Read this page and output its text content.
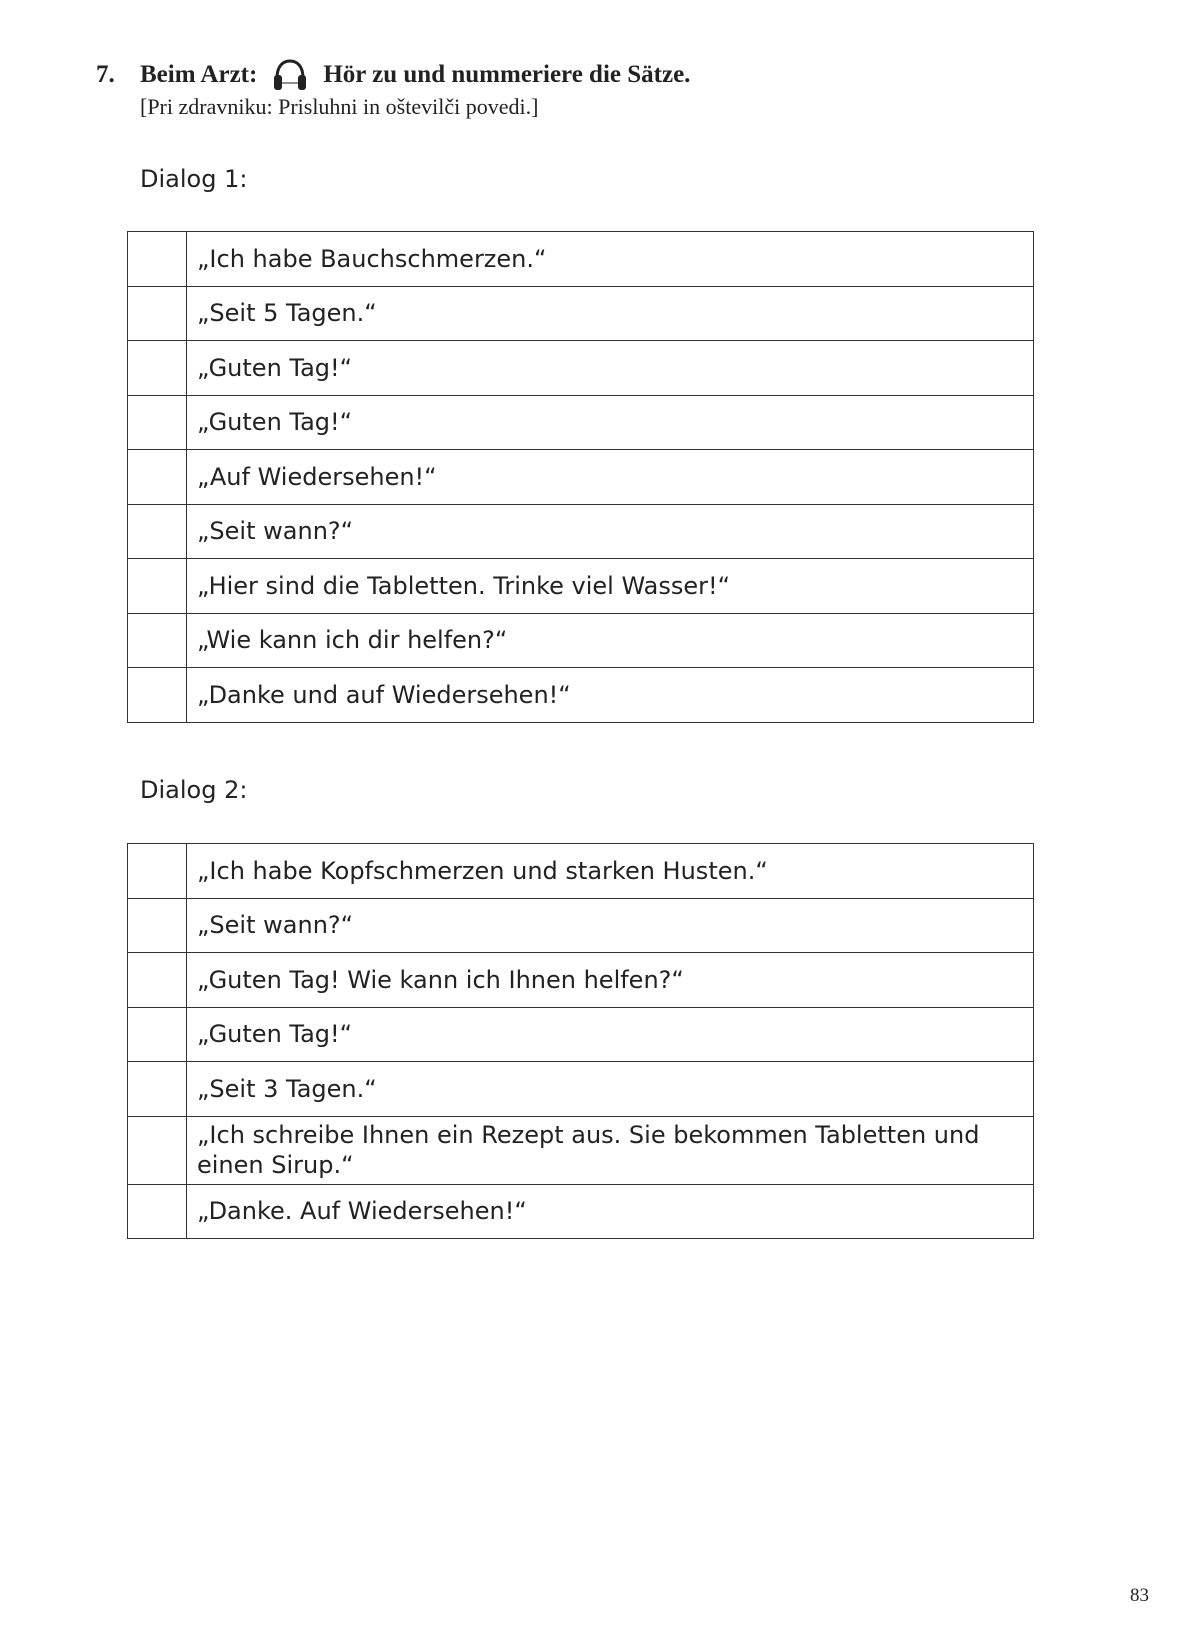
7.	Beim Arzt:	Hör zu und nummeriere die Sätze.
[Pri zdravniku: Prisluhni in oštevilči povedi.]
Dialog 1:
	„Ich habe Bauchschmerzen.“
	„Seit 5 Tagen.“
	„Guten Tag!“
	„Guten Tag!“
	„Auf Wiedersehen!“
	„Seit wann?“
	„Hier sind die Tabletten. Trinke viel Wasser!“
	„Wie kann ich dir helfen?“
	„Danke und auf Wiedersehen!“
Dialog 2:
	„Ich habe Kopfschmerzen und starken Husten.“
	„Seit wann?“
	„Guten Tag! Wie kann ich Ihnen helfen?“
	„Guten Tag!“
	„Seit 3 Tagen.“
	„Ich schreibe Ihnen ein Rezept aus. Sie bekommen Tabletten und einen Sirup.“
	„Danke. Auf Wiedersehen!“
83
